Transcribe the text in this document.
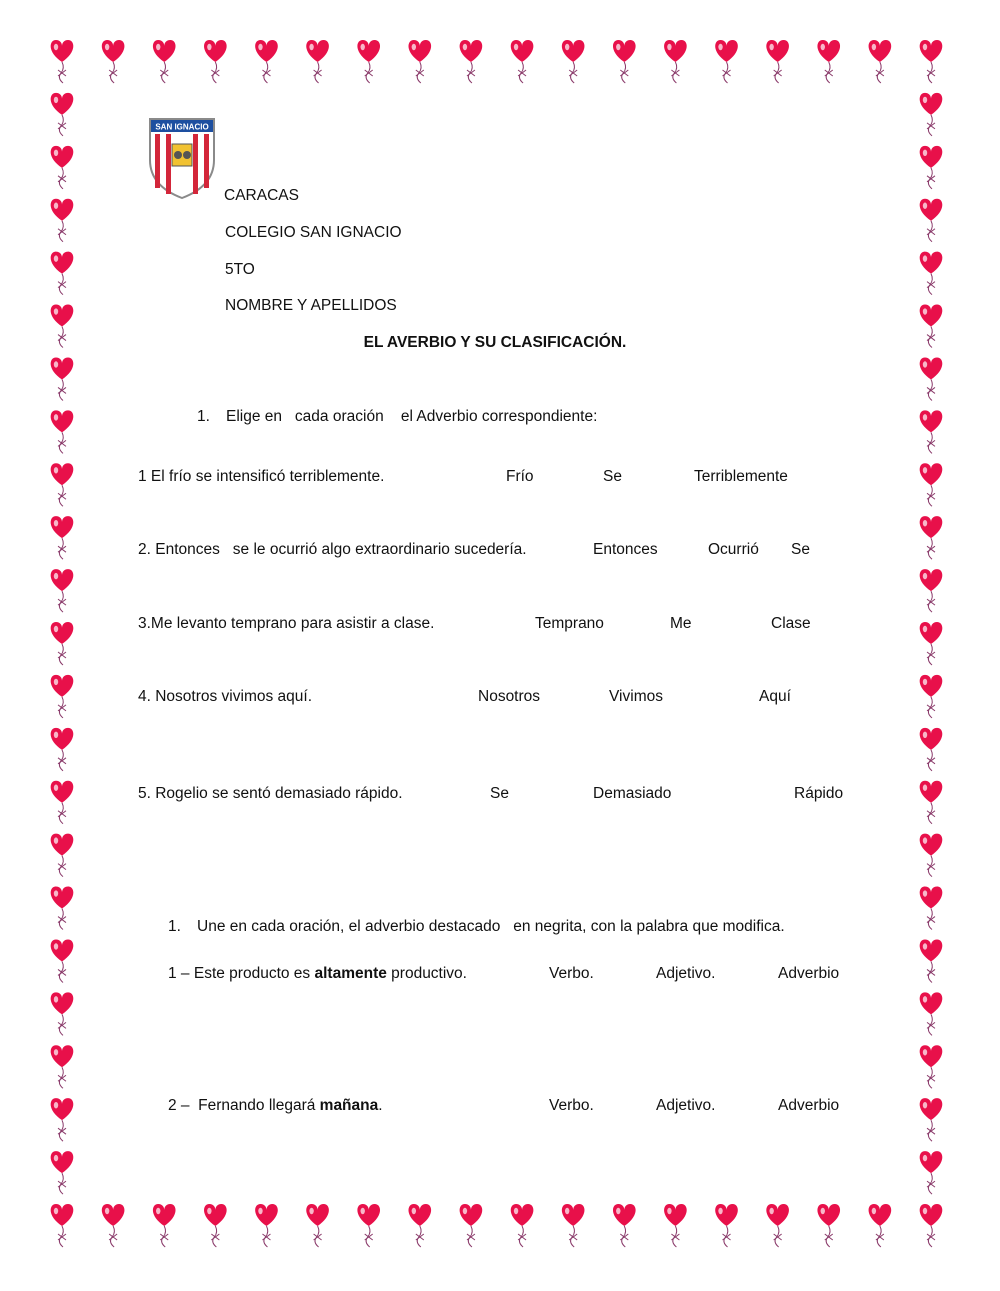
SAN IGNACIO
CARACAS
COLEGIO SAN IGNACIO
5TO
NOMBRE Y APELLIDOS
EL AVERBIO Y SU CLASIFICACIÓN.
1. Elige en   cada oración    el Adverbio correspondiente:
1 El frío se intensificó terriblemente.	Frío	Se	Terriblemente
2. Entonces   se le ocurrió algo extraordinario sucedería.	Entonces	Ocurrió Se
3.Me levanto temprano para asistir a clase.	Temprano	Me	Clase
4. Nosotros vivimos aquí.	Nosotros	Vivimos	Aquí
5. Rogelio se sentó demasiado rápido.	Se	Demasiado	Rápido
1. Une en cada oración, el adverbio destacado   en negrita, con la palabra que modifica.
1 – Este producto es altamente productivo.	Verbo.	Adjetivo.	Adverbio
2 –  Fernando llegará mañana.	Verbo.	Adjetivo.	Adverbio
